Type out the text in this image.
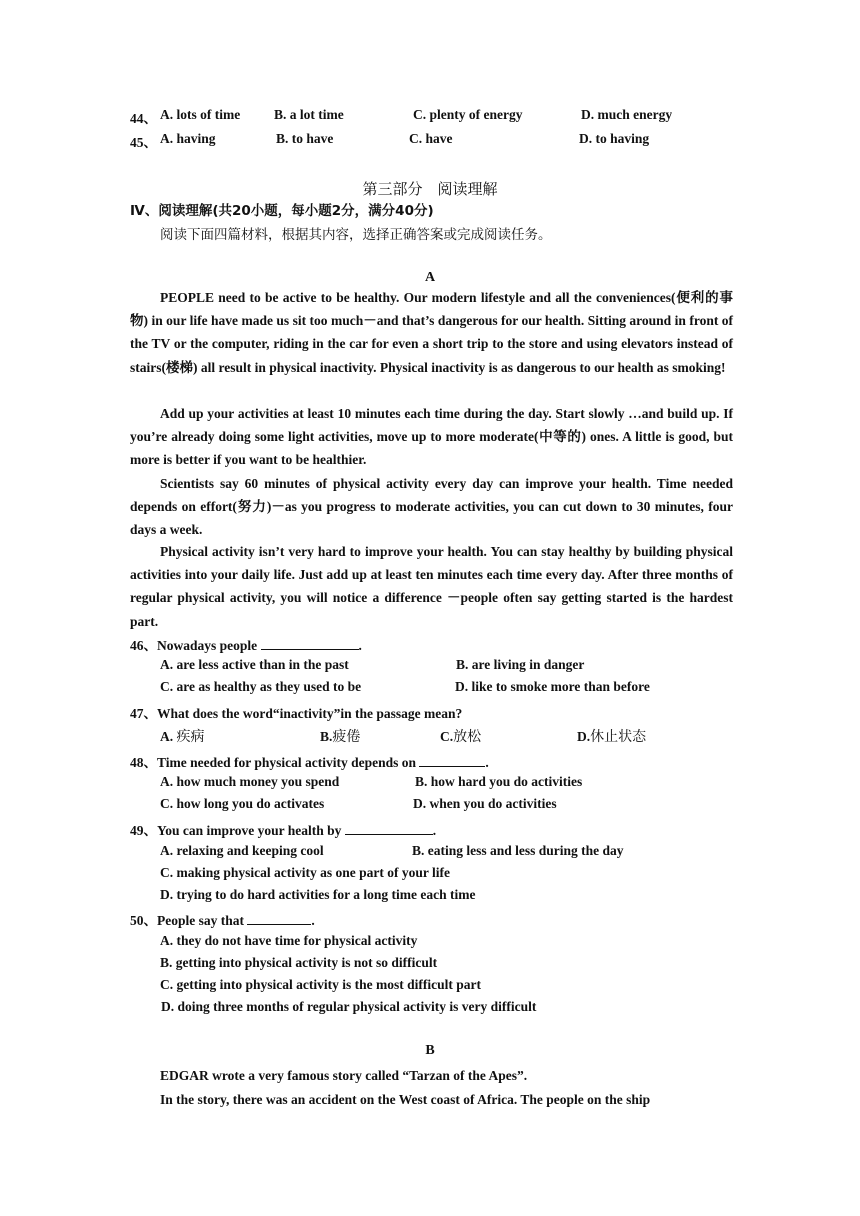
44、 A. lots of time	B. a lot time	C. plenty of energy	D. much energy
45、 A. having	B. to have	C. have	D. to having
第三部分　阅读理解
Ⅳ、阅读理解(共20小题，每小题2分，满分40分)
阅读下面四篇材料，根据其内容，选择正确答案或完成阅读任务。
A

PEOPLE need to be active to be healthy. Our modern lifestyle and all the conveniences(便利的事物) in our life have made us sit too much－and that’s dangerous for our health. Sitting around in front of the TV or the computer, riding in the car for even a short trip to the store and using elevators instead of stairs(楼梯) all result in physical inactivity. Physical inactivity is as dangerous to our health as smoking!

Add up your activities at least 10 minutes each time during the day. Start slowly …and build up. If you’re already doing some light activities, move up to more moderate(中等的) ones. A little is good, but more is better if you want to be healthier.

Scientists say 60 minutes of physical activity every day can improve your health. Time needed depends on effort(努力)－as you progress to moderate activities, you can cut down to 30 minutes, four days a week.

Physical activity isn’t very hard to improve your health. You can stay healthy by building physical activities into your daily life. Just add up at least ten minutes each time every day. After three months of regular physical activity, you will notice a difference －people often say getting started is the hardest part.

46、Nowadays people	.
A. are less active than in the past	B. are living in danger
C. are as healthy as they used to be	D. like to smoke more than before
47、What does the word“inactivity”in the passage mean?
A. 疾病	B.疲倦	C.放松	D.休止状态
48、Time needed for physical activity depends on	.
A. how much money you spend	B. how hard you do activities
C. how long you do activates	D. when you do activities
49、You can improve your health by	.
A. relaxing and keeping cool	B. eating less and less during the day
C. making physical activity as one part of your life
D. trying to do hard activities for a long time each time
50、People say that	.
A. they do not have time for physical activity
B. getting into physical activity is not so difficult
C. getting into physical activity is the most difficult part
D. doing three months of regular physical activity is very difficult
B
EDGAR wrote a very famous story called “Tarzan of the Apes”.
In the story, there was an accident on the West coast of Africa. The people on the ship
